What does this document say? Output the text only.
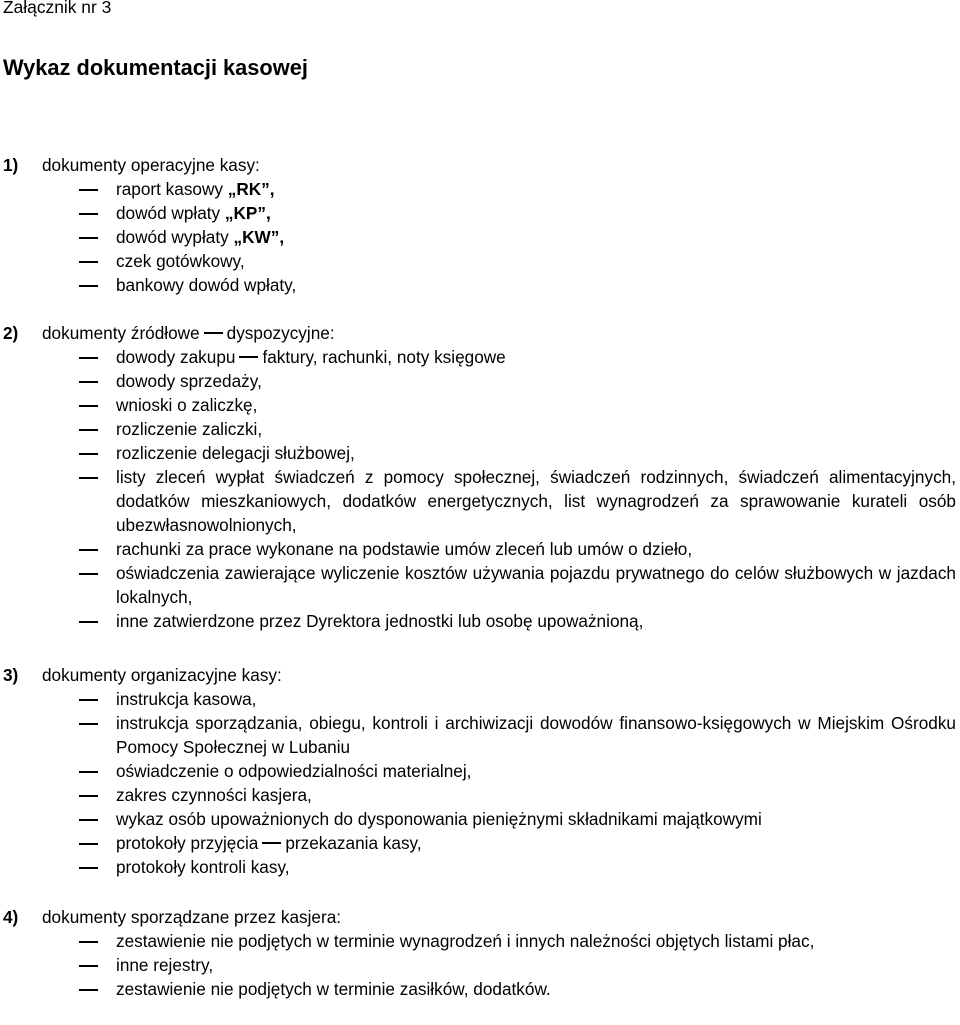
Załącznik nr 3
Wykaz dokumentacji kasowej
1) dokumenty operacyjne kasy:
raport kasowy „RK”,
dowód wpłaty „KP”,
dowód wypłaty „KW”,
czek gotówkowy,
bankowy dowód wpłaty,
2) dokumenty źródłowe dyspozycyjne:
dowody zakupu faktury, rachunki, noty księgowe
dowody sprzedaży,
wnioski o zaliczkę,
rozliczenie zaliczki,
rozliczenie delegacji służbowej,
listy zleceń wypłat świadczeń z pomocy społecznej, świadczeń rodzinnych, świadczeń alimentacyjnych, dodatków mieszkaniowych, dodatków energetycznych, list wynagrodzeń za sprawowanie kurateli osób ubezwłasnowolnionych,
rachunki za prace wykonane na podstawie umów zleceń lub umów o dzieło,
oświadczenia zawierające wyliczenie kosztów używania pojazdu prywatnego do celów służbowych w jazdach lokalnych,
inne zatwierdzone przez Dyrektora jednostki lub osobę upoważnioną,
3) dokumenty organizacyjne kasy:
instrukcja kasowa,
instrukcja sporządzania, obiegu, kontroli i archiwizacji dowodów finansowo-księgowych w Miejskim Ośrodku Pomocy Społecznej w Lubaniu
oświadczenie o odpowiedzialności materialnej,
zakres czynności kasjera,
wykaz osób upoważnionych do dysponowania pieniężnymi składnikami majątkowymi
protokoły przyjęcia przekazania kasy,
protokoły kontroli kasy,
4) dokumenty sporządzane przez kasjera:
zestawienie nie podjętych w terminie wynagrodzeń i innych należności objętych listami płac,
inne rejestry,
zestawienie nie podjętych w terminie zasiłków, dodatków.
